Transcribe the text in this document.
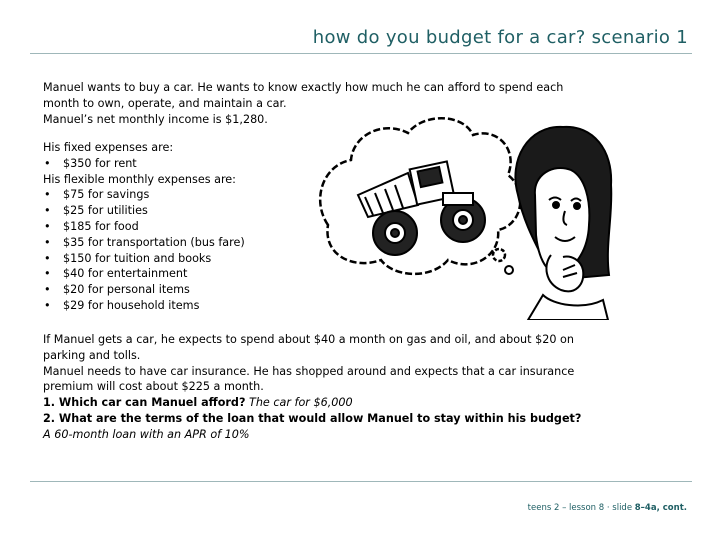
how do you budget for a car? scenario 1
Manuel wants to buy a car. He wants to know exactly how much he can afford to spend each
month to own, operate, and maintain a car.
Manuel’s net monthly income is $1,280.
His fixed expenses are:
• $350 for rent
His flexible monthly expenses are:
• $75 for savings
• $25 for utilities
• $185 for food
• $35 for transportation (bus fare)
• $150 for tuition and books
• $40 for entertainment
• $20 for personal items
• $29 for household items
If Manuel gets a car, he expects to spend about $40 a month on gas and oil, and about $20 on
parking and tolls.
Manuel needs to have car insurance. He has shopped around and expects that a car insurance
premium will cost about $225 a month.
1. Which car can Manuel afford? The car for $6,000
2. What are the terms of the loan that would allow Manuel to stay within his budget?
A 60-month loan with an APR of 10%
teens 2 – lesson 8 · slide 8–4a, cont.
